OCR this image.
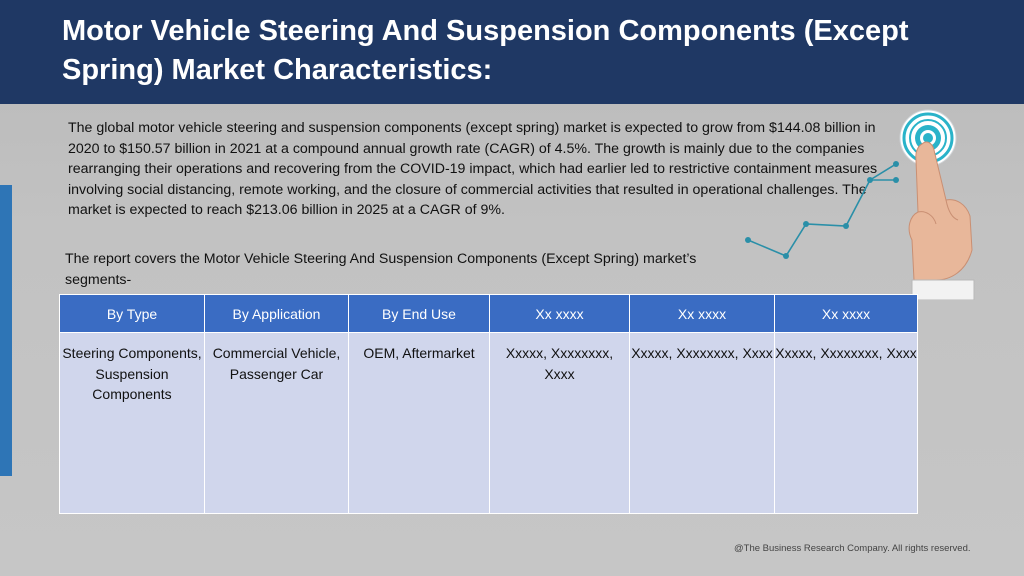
Motor Vehicle Steering And Suspension Components (Except Spring) Market Characteristics:

The global motor vehicle steering and suspension components (except spring) market is expected to grow from $144.08 billion in 2020 to $150.57 billion in 2021 at a compound annual growth rate (CAGR) of 4.5%. The growth is mainly due to the companies rearranging their operations and recovering from the COVID-19 impact, which had earlier led to restrictive containment measures involving social distancing, remote working, and the closure of commercial activities that resulted in operational challenges. The market is expected to reach $213.06 billion in 2025 at a CAGR of 9%.

The report covers the Motor Vehicle Steering And Suspension Components (Except Spring) market’s segments-

By Type	By Application	By End Use	Xx xxxx	Xx xxxx	Xx xxxx
Steering Components, Suspension Components	Commercial Vehicle, Passenger Car	OEM, Aftermarket	Xxxxx, Xxxxxxxx, Xxxx	Xxxxx, Xxxxxxxx, Xxxx	Xxxxx, Xxxxxxxx, Xxxx
@The Business Research Company. All rights reserved.
